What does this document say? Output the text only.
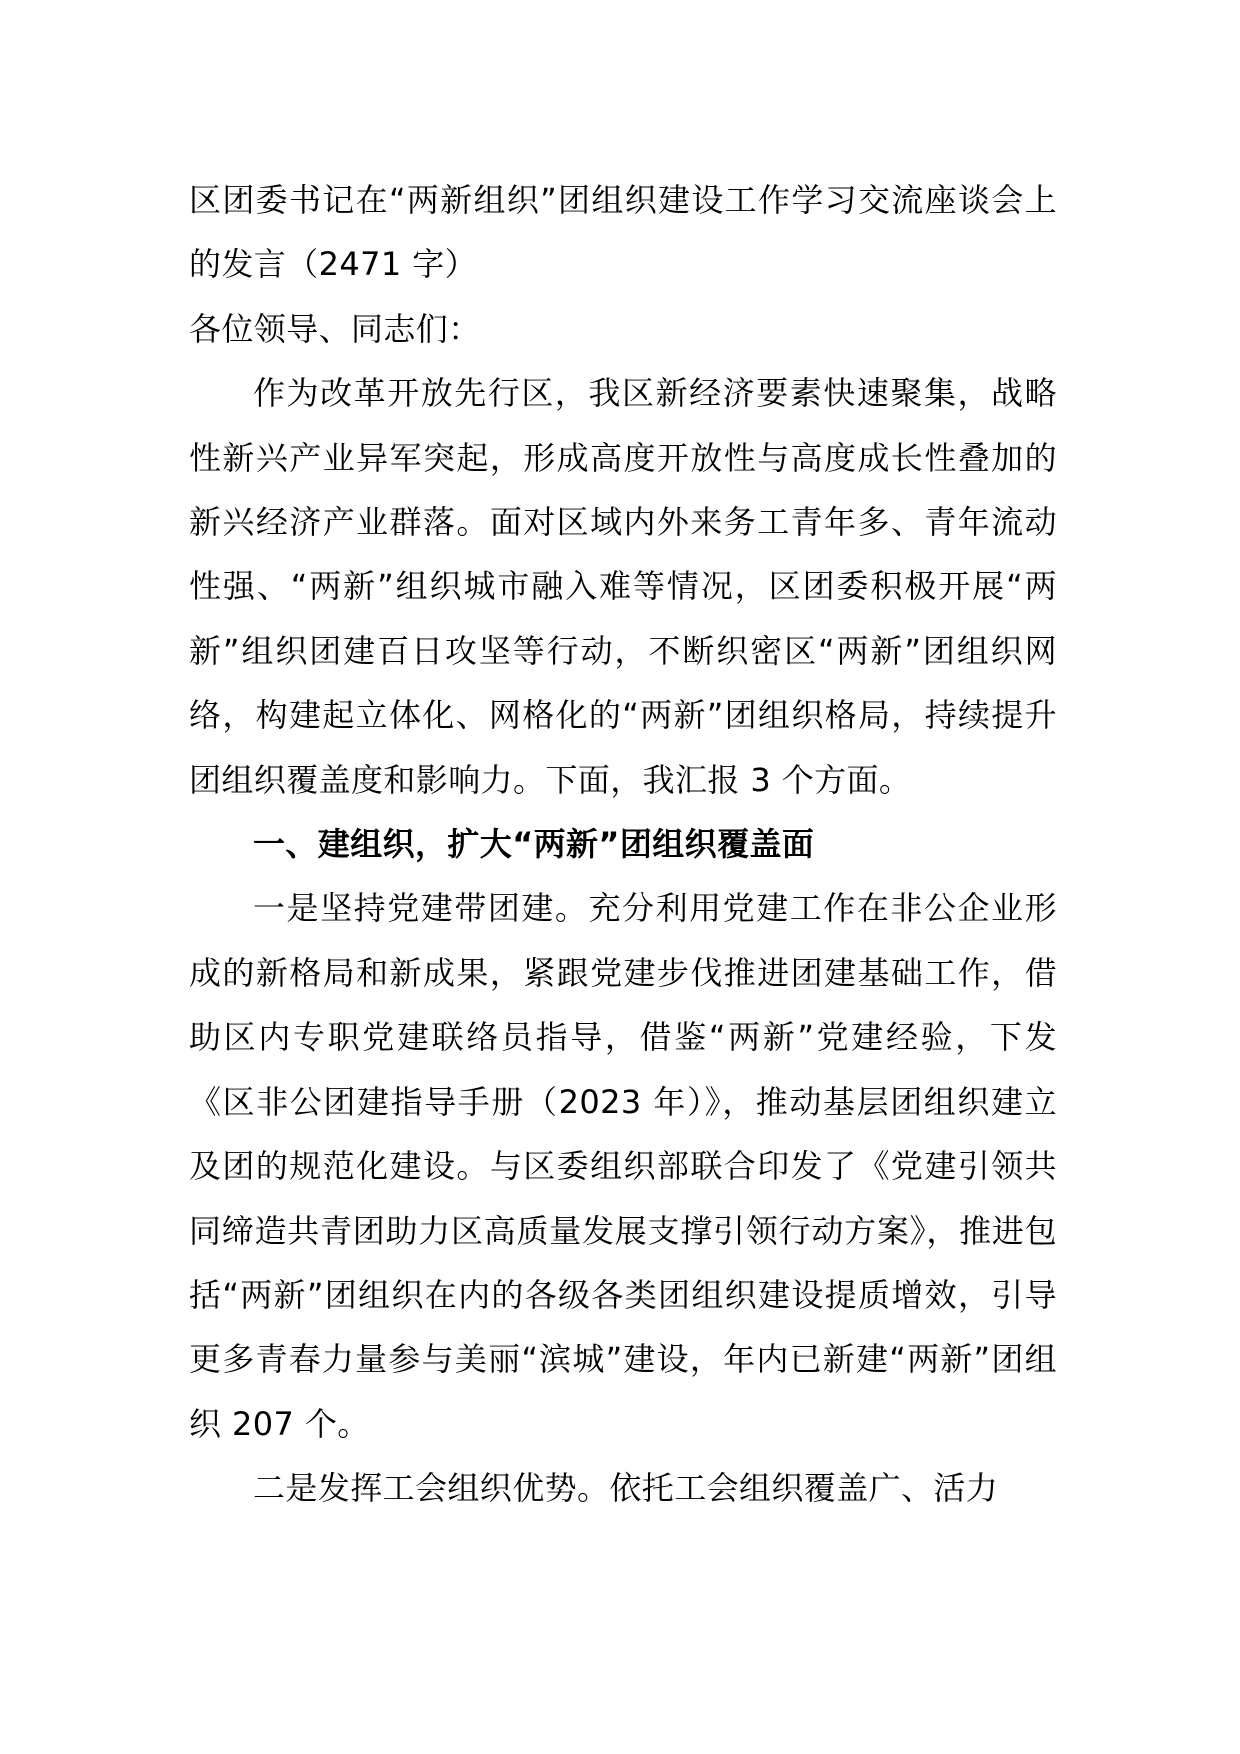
区团委书记在“两新组织”团组织建设工作学习交流座谈会上的发言（2471 字）

各位领导、同志们：

作为改革开放先行区，我区新经济要素快速聚集，战略性新兴产业异军突起，形成高度开放性与高度成长性叠加的新兴经济产业群落。面对区域内外来务工青年多、青年流动性强、“两新”组织城市融入难等情况，区团委积极开展“两新”组织团建百日攻坚等行动，不断织密区“两新”团组织网络，构建起立体化、网格化的“两新”团组织格局，持续提升团组织覆盖度和影响力。下面，我汇报 3 个方面。

一、建组织，扩大“两新”团组织覆盖面

一是坚持党建带团建。充分利用党建工作在非公企业形成的新格局和新成果，紧跟党建步伐推进团建基础工作，借助区内专职党建联络员指导，借鉴“两新”党建经验，下发《区非公团建指导手册（2023 年）》，推动基层团组织建立及团的规范化建设。与区委组织部联合印发了《党建引领共同缔造共青团助力区高质量发展支撑引领行动方案》，推进包括“两新”团组织在内的各级各类团组织建设提质增效，引导更多青春力量参与美丽“滨城”建设，年内已新建“两新”团组织 207 个。

二是发挥工会组织优势。依托工会组织覆盖广、活力
